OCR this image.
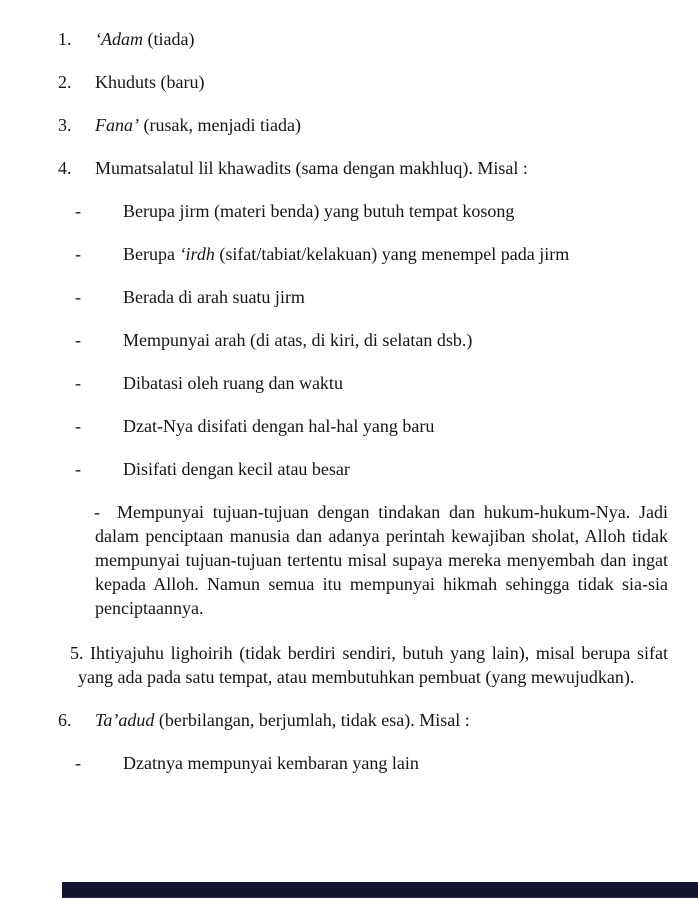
1.	‘Adam (tiada)
2.	Khuduts (baru)
3.	Fana’ (rusak, menjadi tiada)
4.	Mumatsalatul lil khawadits (sama dengan makhluq). Misal :
-	Berupa jirm (materi benda) yang butuh tempat kosong
-	Berupa ‘irdh (sifat/tabiat/kelakuan) yang menempel pada jirm
-	Berada di arah suatu jirm
-	Mempunyai arah (di atas, di kiri, di selatan dsb.)
-	Dibatasi oleh ruang dan waktu
-	Dzat-Nya disifati dengan hal-hal yang baru
-	Disifati dengan kecil atau besar
- Mempunyai tujuan-tujuan dengan tindakan dan hukum-hukum-Nya. Jadi dalam penciptaan manusia dan adanya perintah kewajiban sholat, Alloh tidak mempunyai tujuan-tujuan tertentu misal supaya mereka menyembah dan ingat kepada Alloh. Namun semua itu mempunyai hikmah sehingga tidak sia-sia penciptaannya.
5. Ihtiyajuhu lighoirih (tidak berdiri sendiri, butuh yang lain), misal berupa sifat yang ada pada satu tempat, atau membutuhkan pembuat (yang mewujudkan).
6.	Ta’adud (berbilangan, berjumlah, tidak esa). Misal :
-	Dzatnya mempunyai kembaran yang lain
